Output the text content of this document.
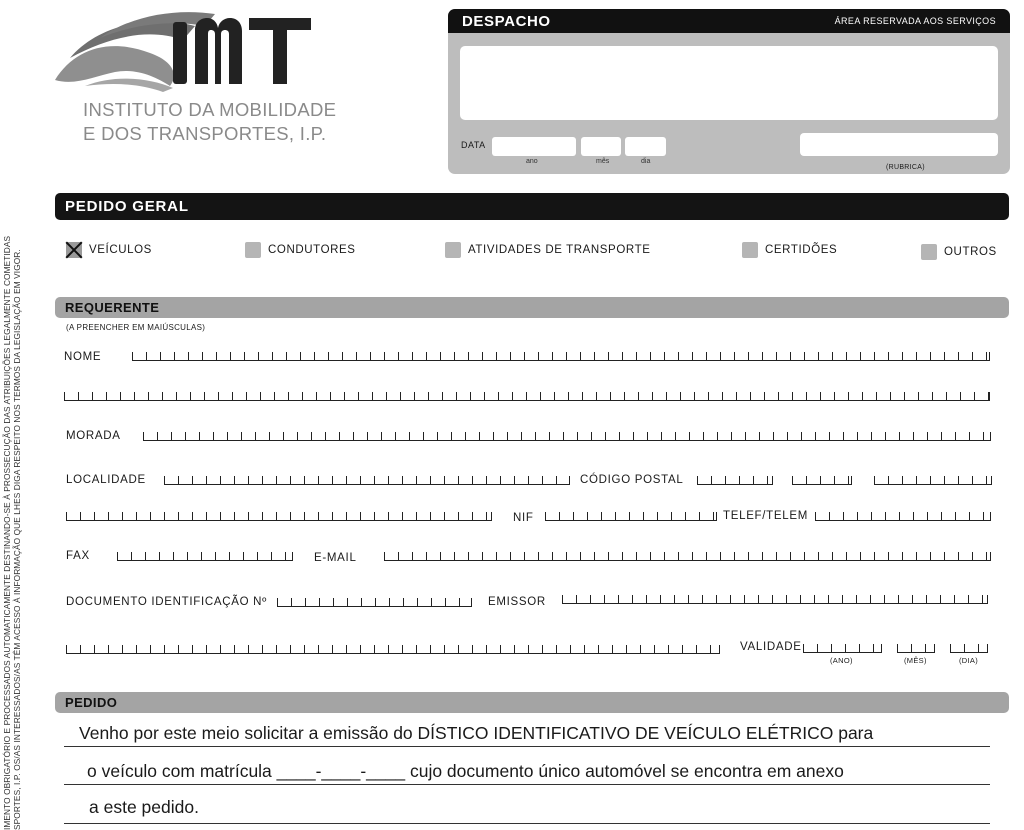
IMENTO OBRIGATÓRIO E PROCESSADOS AUTOMATICAMENTE DESTINANDO-SE À PROSSECUÇÃO DAS ATRIBUIÇÕES LEGALMENTE COMETIDAS SPORTES, I.P. OS/AS INTERESSADOS/AS TÊM ACESSO À INFORMAÇÃO QUE LHES DIGA RESPEITO NOS TERMOS DA LEGISLAÇÃO EM VIGOR.
INSTITUTO DA MOBILIDADE
E DOS TRANSPORTES, I.P.
DESPACHO	ÁREA RESERVADA AOS SERVIÇOS
DATA
ano	mês	dia
(RUBRICA)
PEDIDO GERAL
VEÍCULOS	CONDUTORES	ATIVIDADES DE TRANSPORTE	CERTIDÕES	OUTROS
REQUERENTE
(A PREENCHER EM MAIÚSCULAS)
NOME
MORADA
LOCALIDADE	CÓDIGO POSTAL
NIF	TELEF/TELEM
FAX	E-MAIL
DOCUMENTO IDENTIFICAÇÃO Nº	EMISSOR
VALIDADE
(ANO)	(MÊS)	(DIA)
PEDIDO
Venho por este meio solicitar a emissão do DÍSTICO IDENTIFICATIVO DE VEÍCULO ELÉTRICO para
o veículo com matrícula ____-____-____ cujo documento único automóvel se encontra em anexo
a este pedido.
